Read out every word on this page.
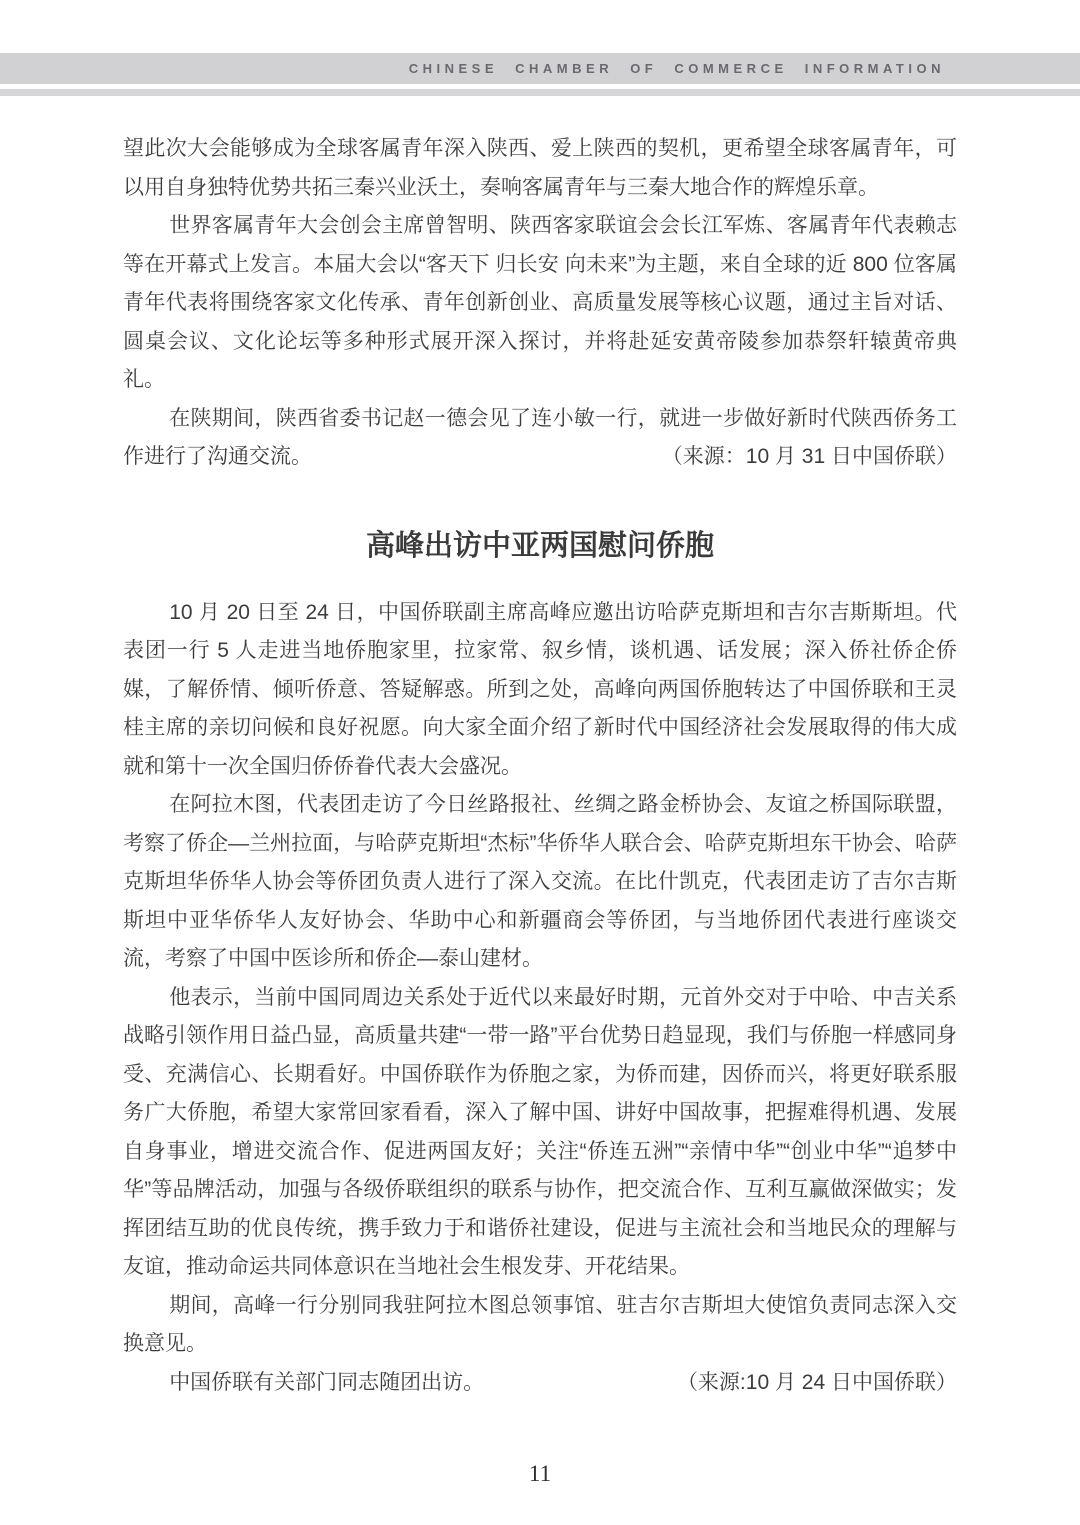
CHINESE CHAMBER OF COMMERCE INFORMATION

望此次大会能够成为全球客属青年深入陕西、爱上陕西的契机，更希望全球客属青年，可以用自身独特优势共拓三秦兴业沃土，奏响客属青年与三秦大地合作的辉煌乐章。

世界客属青年大会创会主席曾智明、陕西客家联谊会会长江军炼、客属青年代表赖志等在开幕式上发言。本届大会以“客天下 归长安 向未来”为主题，来自全球的近 800 位客属青年代表将围绕客家文化传承、青年创新创业、高质量发展等核心议题，通过主旨对话、圆桌会议、文化论坛等多种形式展开深入探讨，并将赴延安黄帝陵参加恭祭轩辕黄帝典礼。

在陕期间，陕西省委书记赵一德会见了连小敏一行，就进一步做好新时代陕西侨务工作进行了沟通交流。	（来源：10 月 31 日中国侨联）

高峰出访中亚两国慰问侨胞

10 月 20 日至 24 日，中国侨联副主席高峰应邀出访哈萨克斯坦和吉尔吉斯斯坦。代表团一行 5 人走进当地侨胞家里，拉家常、叙乡情，谈机遇、话发展；深入侨社侨企侨媒，了解侨情、倾听侨意、答疑解惑。所到之处，高峰向两国侨胞转达了中国侨联和王灵桂主席的亲切问候和良好祝愿。向大家全面介绍了新时代中国经济社会发展取得的伟大成就和第十一次全国归侨侨眷代表大会盛况。

在阿拉木图，代表团走访了今日丝路报社、丝绸之路金桥协会、友谊之桥国际联盟，考察了侨企—兰州拉面，与哈萨克斯坦“杰标”华侨华人联合会、哈萨克斯坦东干协会、哈萨克斯坦华侨华人协会等侨团负责人进行了深入交流。在比什凯克，代表团走访了吉尔吉斯斯坦中亚华侨华人友好协会、华助中心和新疆商会等侨团，与当地侨团代表进行座谈交流，考察了中国中医诊所和侨企—泰山建材。

他表示，当前中国同周边关系处于近代以来最好时期，元首外交对于中哈、中吉关系战略引领作用日益凸显，高质量共建“一带一路”平台优势日趋显现，我们与侨胞一样感同身受、充满信心、长期看好。中国侨联作为侨胞之家，为侨而建，因侨而兴，将更好联系服务广大侨胞，希望大家常回家看看，深入了解中国、讲好中国故事，把握难得机遇、发展自身事业，增进交流合作、促进两国友好；关注“侨连五洲”“亲情中华”“创业中华”“追梦中华”等品牌活动，加强与各级侨联组织的联系与协作，把交流合作、互利互赢做深做实；发挥团结互助的优良传统，携手致力于和谐侨社建设，促进与主流社会和当地民众的理解与友谊，推动命运共同体意识在当地社会生根发芽、开花结果。

期间，高峰一行分别同我驻阿拉木图总领事馆、驻吉尔吉斯坦大使馆负责同志深入交换意见。

中国侨联有关部门同志随团出访。	（来源:10 月 24 日中国侨联）

11
